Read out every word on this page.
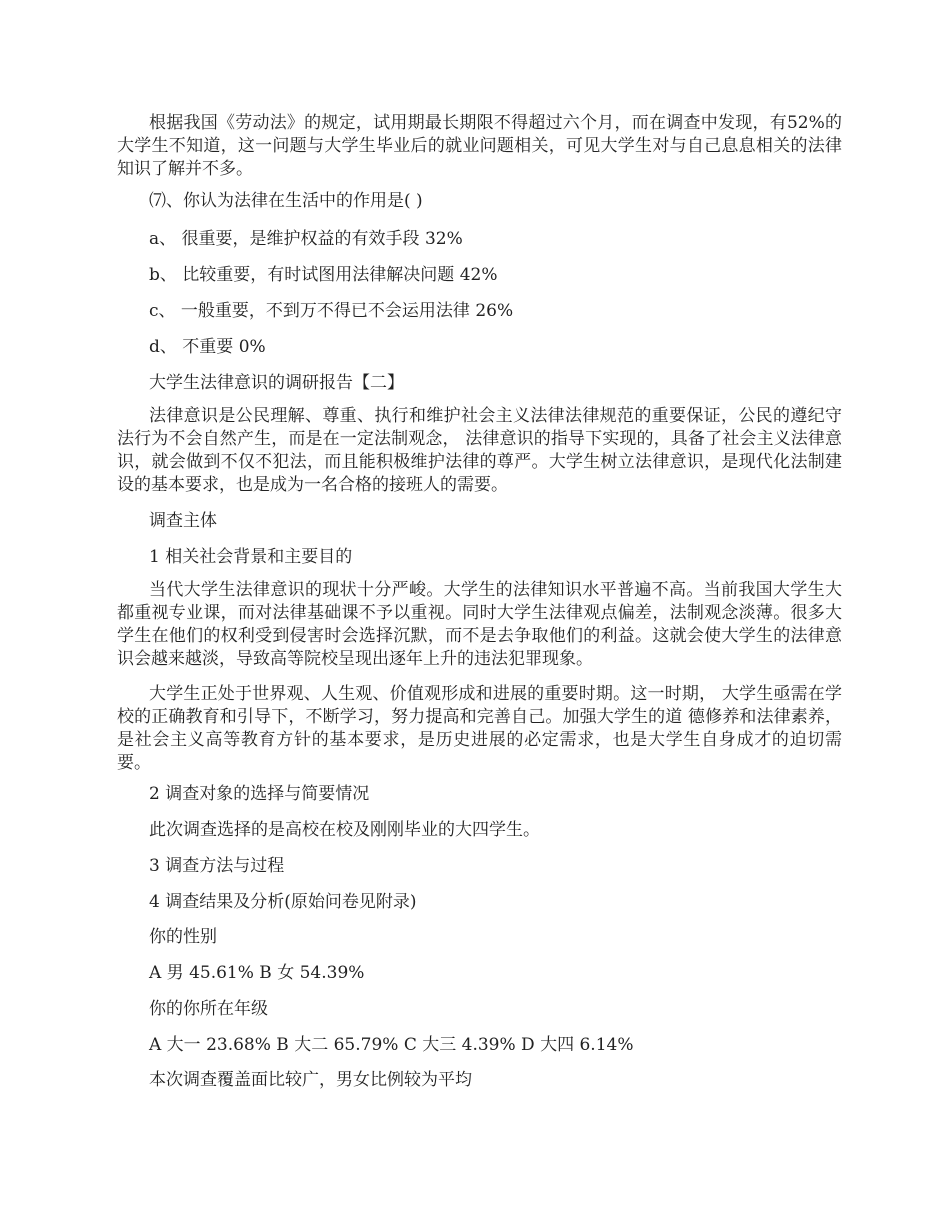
根据我国《劳动法》的规定，试用期最长期限不得超过六个月，而在调查中发现，有52%的大学生不知道，这一问题与大学生毕业后的就业问题相关，可见大学生对与自己息息相关的法律知识了解并不多。

⑺、你认为法律在生活中的作用是( )

a、 很重要，是维护权益的有效手段 32%

b、 比较重要，有时试图用法律解决问题 42%

c、 一般重要，不到万不得已不会运用法律 26%

d、 不重要 0%

大学生法律意识的调研报告【二】

法律意识是公民理解、尊重、执行和维护社会主义法律法律规范的重要保证，公民的遵纪守法行为不会自然产生，而是在一定法制观念， 法律意识的指导下实现的，具备了社会主义法律意识，就会做到不仅不犯法，而且能积极维护法律的尊严。大学生树立法律意识，是现代化法制建设的基本要求，也是成为一名合格的接班人的需要。

调查主体

1 相关社会背景和主要目的

当代大学生法律意识的现状十分严峻。大学生的法律知识水平普遍不高。当前我国大学生大都重视专业课，而对法律基础课不予以重视。同时大学生法律观点偏差，法制观念淡薄。很多大学生在他们的权利受到侵害时会选择沉默，而不是去争取他们的利益。这就会使大学生的法律意识会越来越淡，导致高等院校呈现出逐年上升的违法犯罪现象。

大学生正处于世界观、人生观、价值观形成和进展的重要时期。这一时期， 大学生亟需在学校的正确教育和引导下，不断学习，努力提高和完善自己。加强大学生的道 德修养和法律素养，是社会主义高等教育方针的基本要求，是历史进展的必定需求，也是大学生自身成才的迫切需要。

2 调查对象的选择与简要情况

此次调查选择的是高校在校及刚刚毕业的大四学生。

3 调查方法与过程

4 调查结果及分析(原始问卷见附录)

你的性别

A 男 45.61% B 女 54.39%

你的你所在年级

A 大一 23.68% B 大二 65.79% C 大三 4.39% D 大四 6.14%

本次调查覆盖面比较广，男女比例较为平均
